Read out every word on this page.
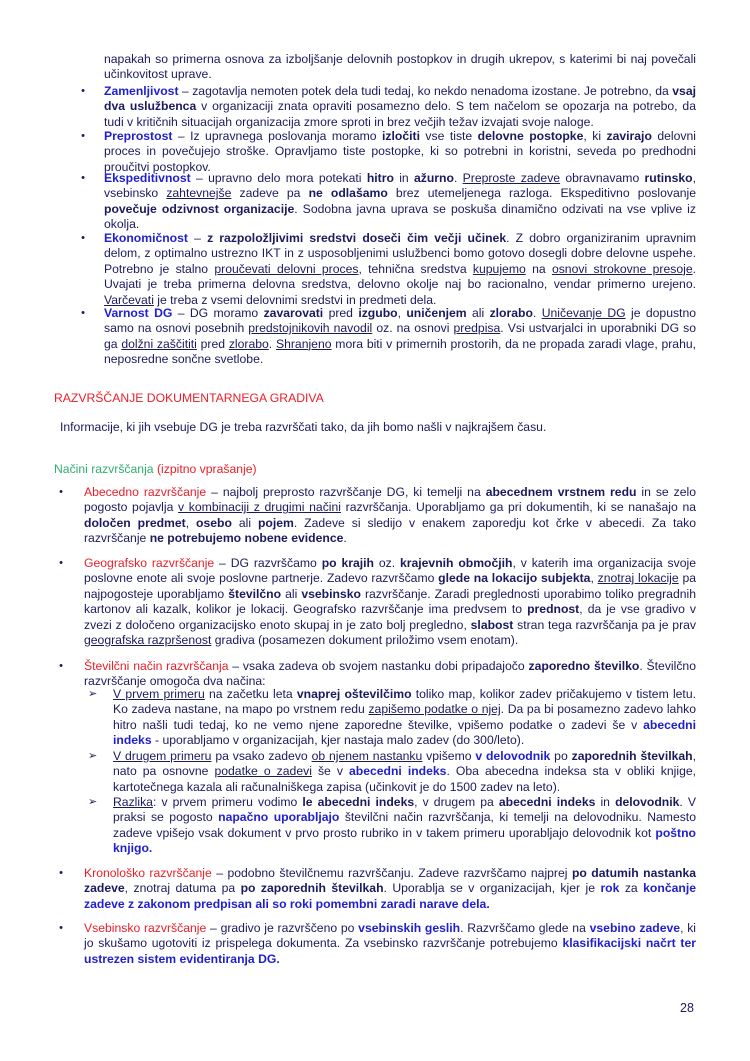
napakah so primerna osnova za izboljšanje delovnih postopkov in drugih ukrepov, s katerimi bi naj povečali učinkovitost uprave.
• Zamenljivost – zagotavlja nemoten potek dela tudi tedaj, ko nekdo nenadoma izostane. Je potrebno, da vsaj dva uslužbenca v organizaciji znata opraviti posamezno delo. S tem načelom se opozarja na potrebo, da tudi v kritičnih situacijah organizacija zmore sproti in brez večjih težav izvajati svoje naloge.
• Preprostost – Iz upravnega poslovanja moramo izločiti vse tiste delovne postopke, ki zavirajo delovni proces in povečujejo stroške. Opravljamo tiste postopke, ki so potrebni in koristni, seveda po predhodni proučitvi postopkov.
• Ekspeditivnost – upravno delo mora potekati hitro in ažurno. Preproste zadeve obravnavamo rutinsko, vsebinsko zahtevnejše zadeve pa ne odlašamo brez utemeljenega razloga. Ekspeditivno poslovanje povečuje odzivnost organizacije. Sodobna javna uprava se poskuša dinamično odzivati na vse vplive iz okolja.
• Ekonomičnost – z razpoložljivimi sredstvi doseči čim večji učinek. Z dobro organiziranim upravnim delom, z optimalno ustrezno IKT in z usposobljenimi uslužbenci bomo gotovo dosegli dobre delovne uspehe. Potrebno je stalno proučevati delovni proces, tehnična sredstva kupujemo na osnovi strokovne presoje. Uvajati je treba primerna delovna sredstva, delovno okolje naj bo racionalno, vendar primerno urejeno. Varčevati je treba z vsemi delovnimi sredstvi in predmeti dela.
• Varnost DG – DG moramo zavarovati pred izgubo, uničenjem ali zlorabo. Uničevanje DG je dopustno samo na osnovi posebnih predstojnikovih navodil oz. na osnovi predpisa. Vsi ustvarjalci in uporabniki DG so ga dolžni zaščititi pred zlorabo. Shranjeno mora biti v primernih prostorih, da ne propada zaradi vlage, prahu, neposredne sončne svetlobe.
RAZVRŠČANJE DOKUMENTARNEGA GRADIVA
Informacije, ki jih vsebuje DG je treba razvrščati tako, da jih bomo našli v najkrajšem času.
Načini razvrščanja (izpitno vprašanje)
• Abecedno razvrščanje – najbolj preprosto razvrščanje DG, ki temelji na abecednem vrstnem redu in se zelo pogosto pojavlja v kombinaciji z drugimi načini razvrščanja. Uporabljamo ga pri dokumentih, ki se nanašajo na določen predmet, osebo ali pojem. Zadeve si sledijo v enakem zaporedju kot črke v abecedi. Za tako razvrščanje ne potrebujemo nobene evidence.
• Geografsko razvrščanje – DG razvrščamo po krajih oz. krajevnih območjih, v katerih ima organizacija svoje poslovne enote ali svoje poslovne partnerje. Zadevo razvrščamo glede na lokacijo subjekta, znotraj lokacije pa najpogosteje uporabljamo številčno ali vsebinsko razvrščanje. Zaradi preglednosti uporabimo toliko pregradnih kartonov ali kazalk, kolikor je lokacij. Geografsko razvrščanje ima predvsem to prednost, da je vse gradivo v zvezi z določeno organizacijsko enoto skupaj in je zato bolj pregledno, slabost stran tega razvrščanja pa je prav geografska razpršenost gradiva (posamezen dokument priložimo vsem enotam).
• Številčni način razvrščanja – vsaka zadeva ob svojem nastanku dobi pripadajočo zaporedno številko. Številčno razvrščanje omogoča dva načina:
➢ V prvem primeru na začetku leta vnaprej oštevilčimo toliko map, kolikor zadev pričakujemo v tistem letu. Ko zadeva nastane, na mapo po vrstnem redu zapišemo podatke o njej. Da pa bi posamezno zadevo lahko hitro našli tudi tedaj, ko ne vemo njene zaporedne številke, vpišemo podatke o zadevi še v abecedni indeks - uporabljamo v organizacijah, kjer nastaja malo zadev (do 300/leto).
➢ V drugem primeru pa vsako zadevo ob njenem nastanku vpišemo v delovodnik po zaporednih številkah, nato pa osnovne podatke o zadevi še v abecedni indeks. Oba abecedna indeksa sta v obliki knjige, kartotečnega kazala ali računalniškega zapisa (učinkovit je do 1500 zadev na leto).
➢ Razlika: v prvem primeru vodimo le abecedni indeks, v drugem pa abecedni indeks in delovodnik. V praksi se pogosto napačno uporabljajo številčni način razvrščanja, ki temelji na delovodniku. Namesto zadeve vpišejo vsak dokument v prvo prosto rubriko in v takem primeru uporabljajo delovodnik kot poštno knjigo.
• Kronološko razvrščanje – podobno številčnemu razvrščanju. Zadeve razvrščamo najprej po datumih nastanka zadeve, znotraj datuma pa po zaporednih številkah. Uporablja se v organizacijah, kjer je rok za končanje zadeve z zakonom predpisan ali so roki pomembni zaradi narave dela.
• Vsebinsko razvrščanje – gradivo je razvrščeno po vsebinskih geslih. Razvrščamo glede na vsebino zadeve, ki jo skušamo ugotoviti iz prispelega dokumenta. Za vsebinsko razvrščanje potrebujemo klasifikacijski načrt ter ustrezen sistem evidentiranja DG.
28
